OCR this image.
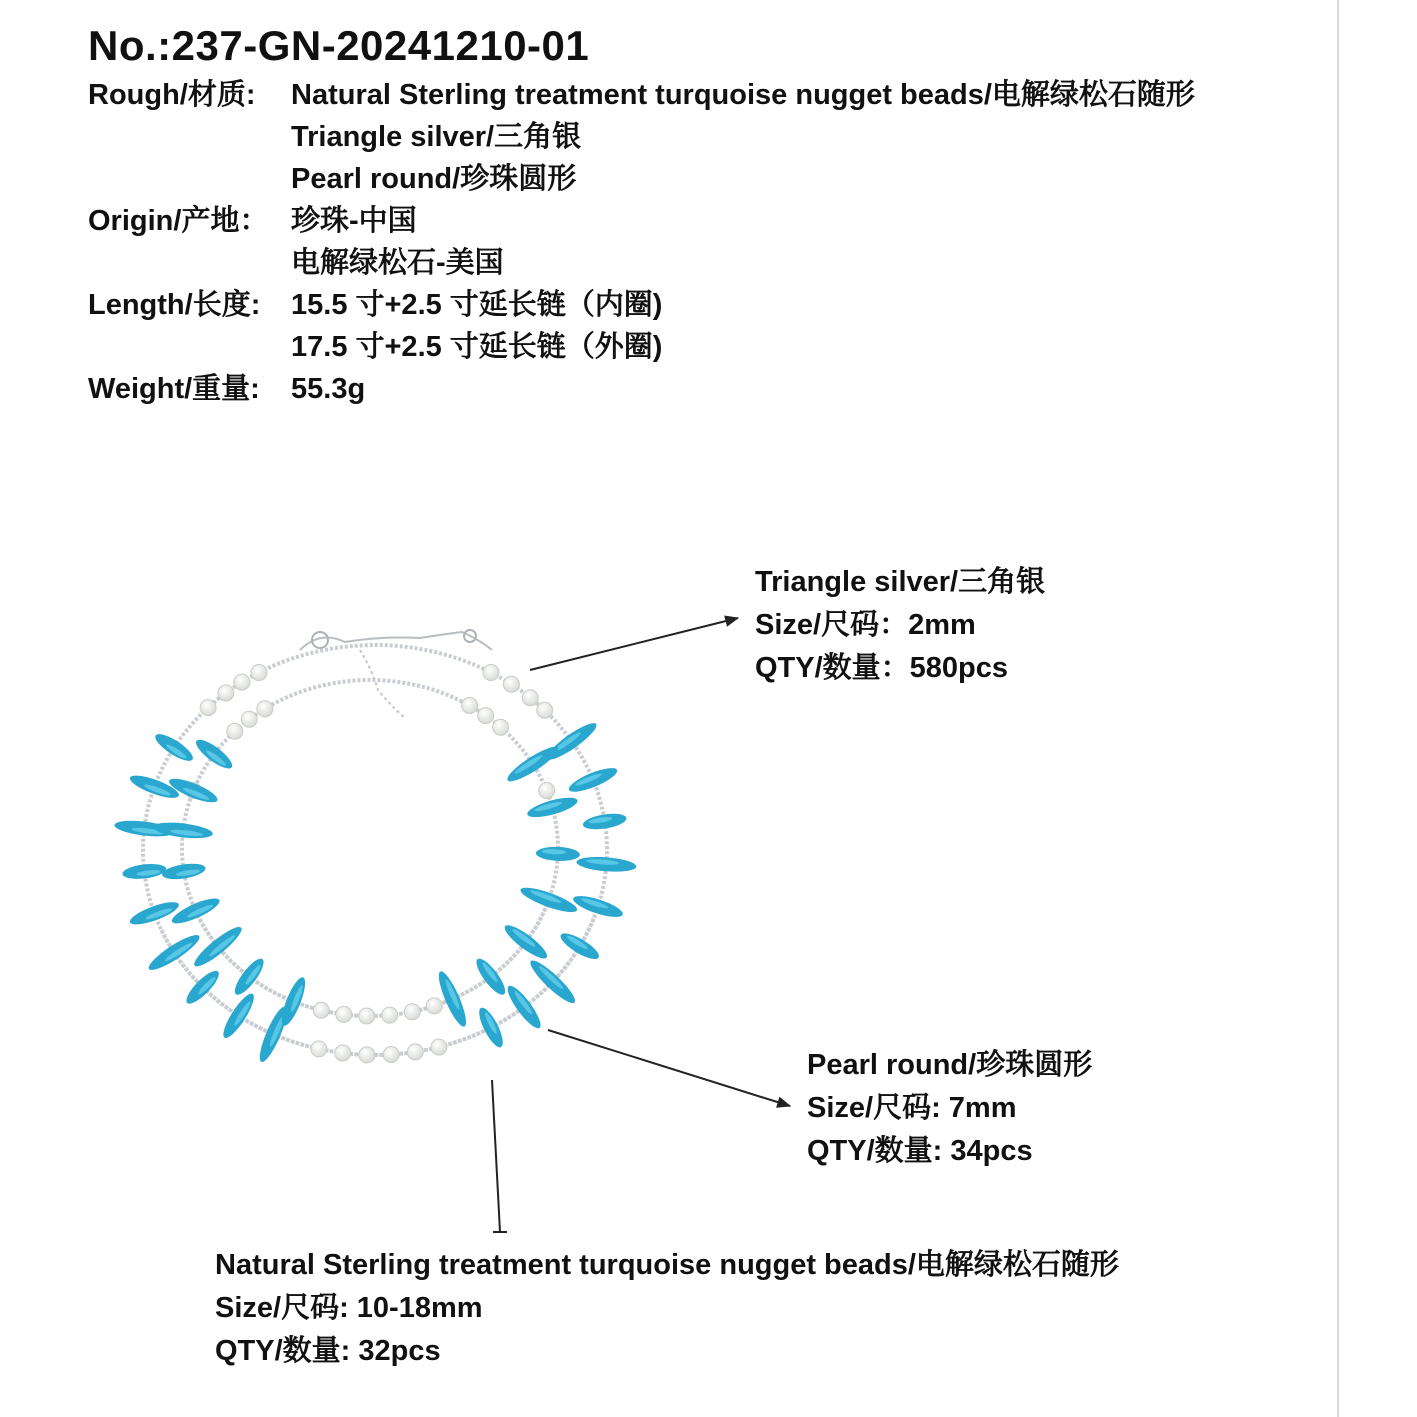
No.:237-GN-20241210-01
Rough/材质: Natural Sterling treatment turquoise nugget beads/电解绿松石随形
Triangle silver/三角银
Pearl round/珍珠圆形
Origin/产地： 珍珠-中国
电解绿松石-美国
Length/长度: 15.5 寸+2.5 寸延长链（内圈)
17.5 寸+2.5 寸延长链（外圈)
Weight/重量: 55.3g
Triangle silver/三角银
Size/尺码：2mm
QTY/数量：580pcs
Pearl round/珍珠圆形
Size/尺码: 7mm
QTY/数量: 34pcs
Natural Sterling treatment turquoise nugget beads/电解绿松石随形
Size/尺码: 10-18mm
QTY/数量: 32pcs
